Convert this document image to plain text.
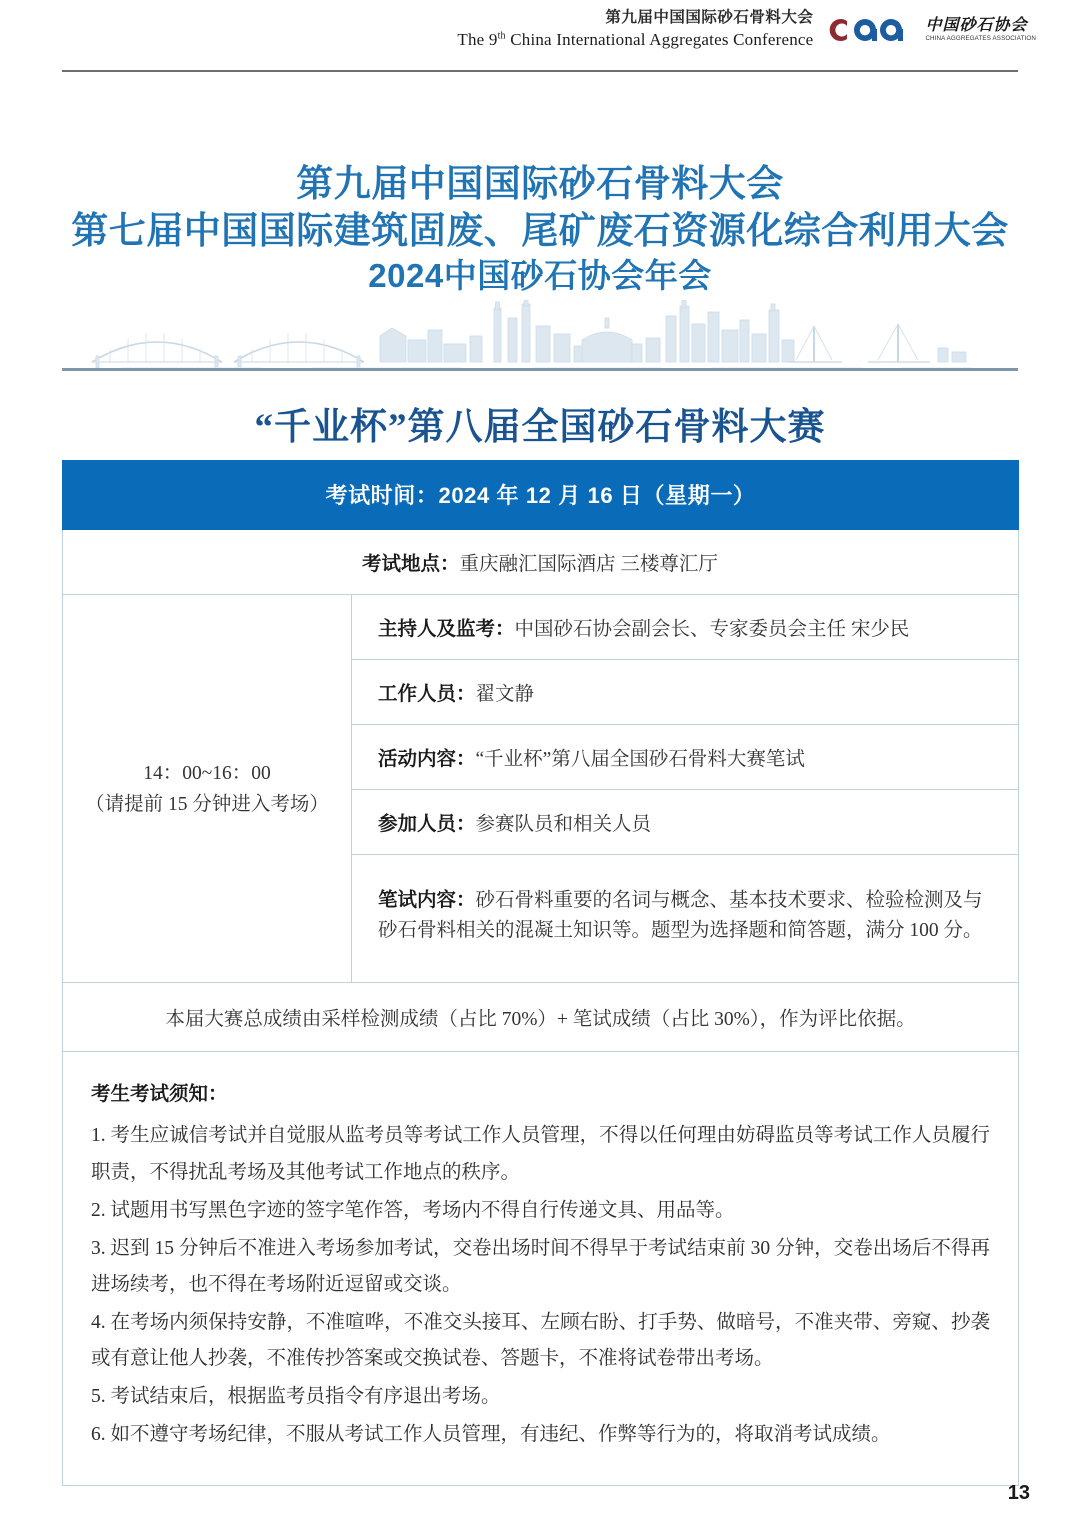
第九届中国国际砂石骨料大会
The 9th China International Aggregates Conference
中国砂石协会
CHINA AGGREGATES ASSOCIATION
第九届中国国际砂石骨料大会
第七届中国国际建筑固废、尾矿废石资源化综合利用大会
2024中国砂石协会年会
“千业杯”第八届全国砂石骨料大赛
考试时间：2024 年 12 月 16 日（星期一）
考试地点：重庆融汇国际酒店 三楼尊汇厅

14：00~16：00
（请提前 15 分钟进入考场）
	主持人及监考：中国砂石协会副会长、专家委员会主任 宋少民
工作人员：翟文静
活动内容：“千业杯”第八届全国砂石骨料大赛笔试
参加人员：参赛队员和相关人员
笔试内容：砂石骨料重要的名词与概念、基本技术要求、检验检测及与砂石骨料相关的混凝土知识等。题型为选择题和简答题，满分 100 分。
本届大赛总成绩由采样检测成绩（占比 70%）+ 笔试成绩（占比 30%），作为评比依据。

考生考试须知：

1. 考生应诚信考试并自觉服从监考员等考试工作人员管理，不得以任何理由妨碍监员等考试工作人员履行职责，不得扰乱考场及其他考试工作地点的秩序。

2. 试题用书写黑色字迹的签字笔作答，考场内不得自行传递文具、用品等。

3. 迟到 15 分钟后不准进入考场参加考试，交卷出场时间不得早于考试结束前 30 分钟，交卷出场后不得再进场续考，也不得在考场附近逗留或交谈。

4. 在考场内须保持安静，不准喧哗，不准交头接耳、左顾右盼、打手势、做暗号，不准夹带、旁窥、抄袭或有意让他人抄袭，不准传抄答案或交换试卷、答题卡，不准将试卷带出考场。

5. 考试结束后，根据监考员指令有序退出考场。

6. 如不遵守考场纪律，不服从考试工作人员管理，有违纪、作弊等行为的，将取消考试成绩。

13
